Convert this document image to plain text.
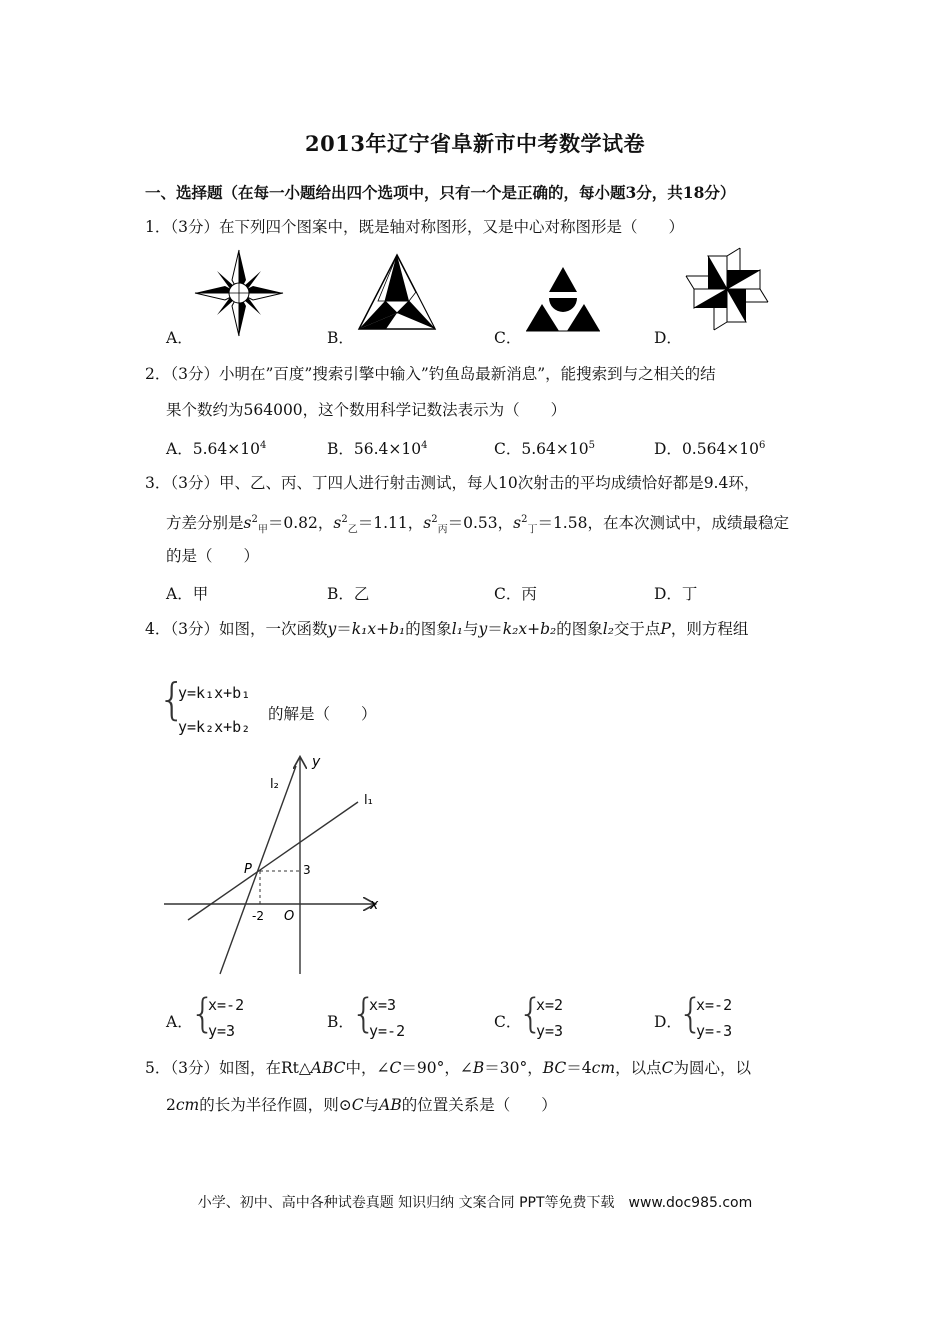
2013年辽宁省阜新市中考数学试卷
一、选择题（在每一小题给出四个选项中，只有一个是正确的，每小题3分，共18分）
1．（3分）在下列四个图案中，既是轴对称图形，又是中心对称图形是（　　）
A．	B．	C．	D．
2．（3分）小明在”百度”搜索引擎中输入”钓鱼岛最新消息”，能搜索到与之相关的结
果个数约为564000，这个数用科学记数法表示为（　　）
A．$5.64\times 10^4$	B．$56.4\times 10^4$	C．$5.64\times 10^5$	D．$0.564\times 10^6$
3．（3分）甲、乙、丙、丁四人进行射击测试，每人10次射击的平均成绩恰好都是9.4环，
方差分别是$s^2_甲=0.82$，$s^2_乙=1.11$，$s^2_丙=0.53$，$s^2_丁=1.58$，在本次测试中，成绩最稳定
的是（　　）
A．甲	B．乙	C．丙	D．丁
4．（3分）如图，一次函数y＝k₁x+b₁的图象l₁与y＝k₂x+b₂的图象l₂交于点P，则方程组
{
y=k₁x+b₁
y=k₂x+b₂
的解是（　　）
y
x
O
P
-2
3
l₂
l₁
A．
{
x=-2
y=3	B．
{
x=3
y=-2	C．
{
x=2
y=3	D．
{
x=-2
y=-3
5．（3分）如图，在Rt△ABC中，∠C＝90°，∠B＝30°，BC＝4cm，以点C为圆心，以
2cm的长为半径作圆，则⊙C与AB的位置关系是（　　）
小学、初中、高中各种试卷真题 知识归纳 文案合同 PPT等免费下载　www.doc985.com
